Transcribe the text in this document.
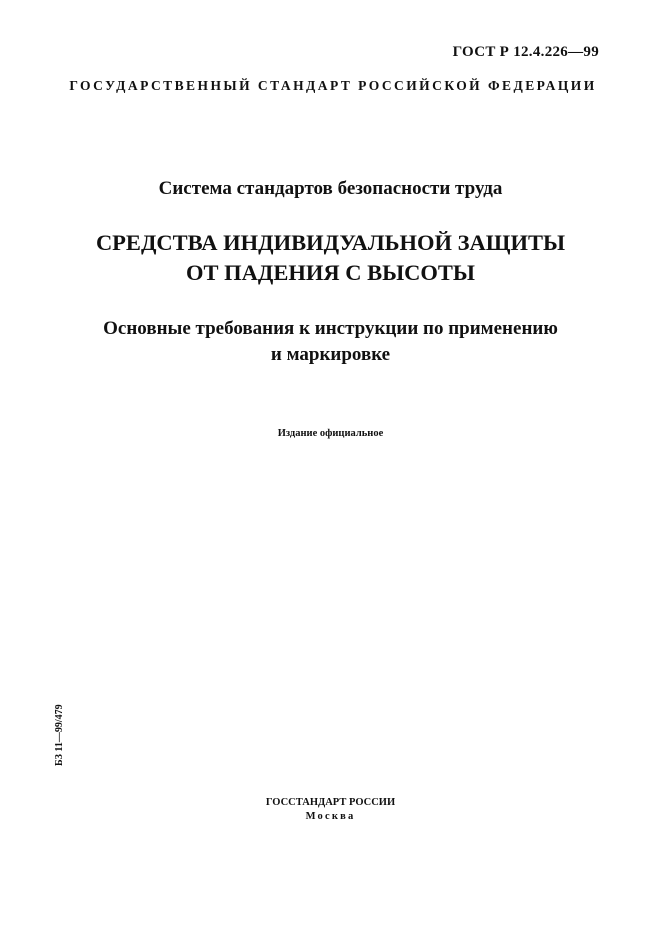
ГОСТ Р 12.4.226—99
ГОСУДАРСТВЕННЫЙ СТАНДАРТ РОССИЙСКОЙ ФЕДЕРАЦИИ
Система стандартов безопасности труда
СРЕДСТВА ИНДИВИДУАЛЬНОЙ ЗАЩИТЫ
ОТ ПАДЕНИЯ С ВЫСОТЫ
Основные требования к инструкции по применению
и маркировке
Издание официальное
БЗ 11—99/479
ГОССТАНДАРТ РОССИИ
Москва
